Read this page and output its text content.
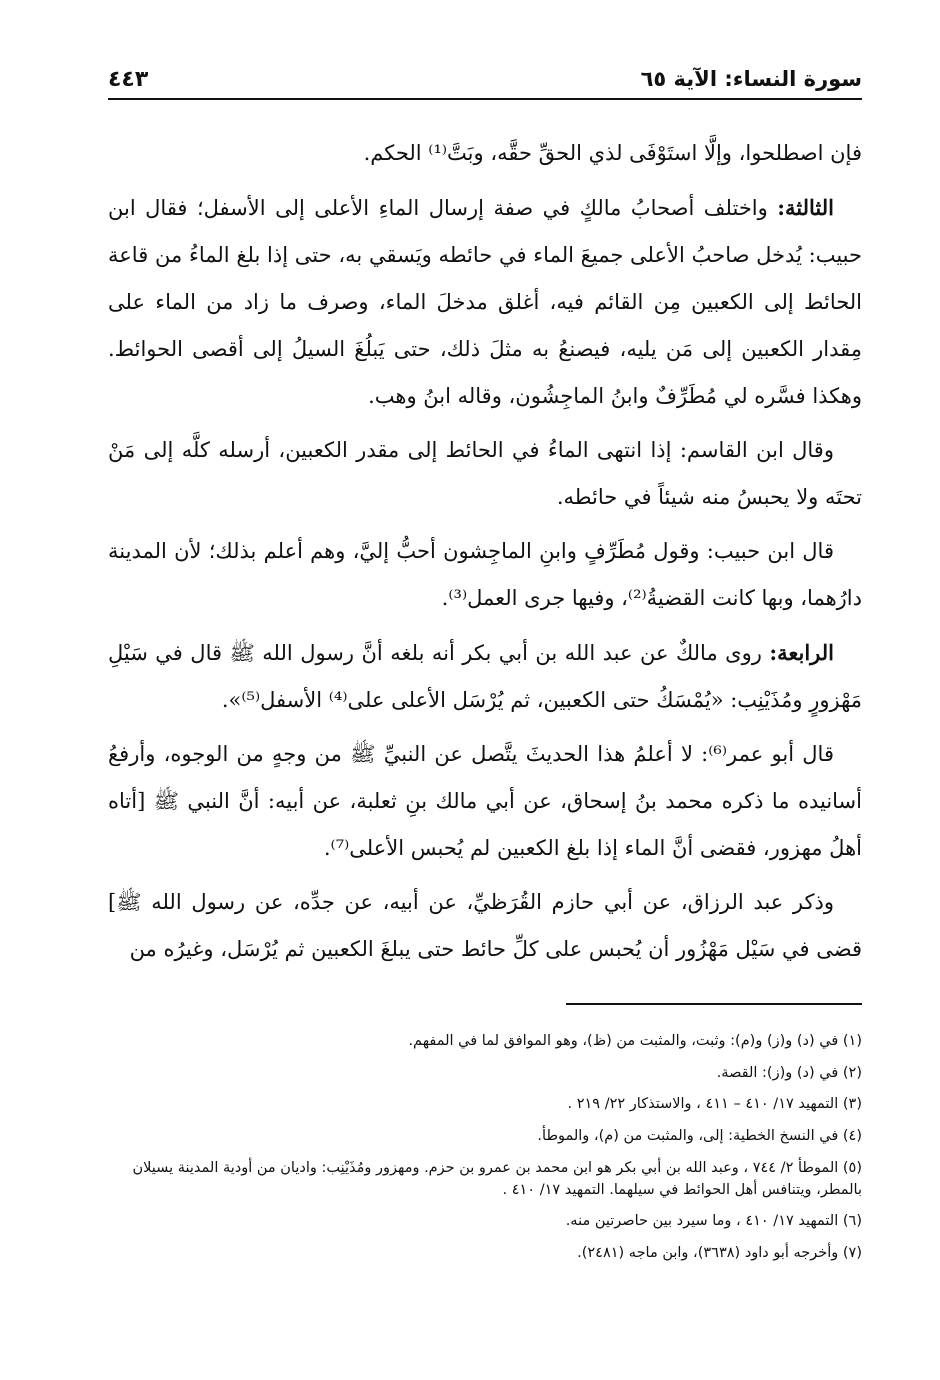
سورة النساء: الآية ٦٥
٤٤٣

فإن اصطلحوا، وإلَّا استَوْفَى لذي الحقِّ حقَّه، وبَتَّ⁽¹⁾ الحكم.

الثالثة: واختلف أصحابُ مالكٍ في صفة إرسال الماءِ الأعلى إلى الأسفل؛ فقال ابن حبيب: يُدخل صاحبُ الأعلى جميعَ الماء في حائطه ويَسقي به، حتى إذا بلغ الماءُ من قاعة الحائط إلى الكعبين مِن القائم فيه، أغلق مدخلَ الماء، وصرف ما زاد من الماء على مِقدار الكعبين إلى مَن يليه، فيصنعُ به مثلَ ذلك، حتى يَبلُغَ السيلُ إلى أقصى الحوائط. وهكذا فسَّره لي مُطَرِّفٌ وابنُ الماجِشُون، وقاله ابنُ وهب.

وقال ابن القاسم: إذا انتهى الماءُ في الحائط إلى مقدر الكعبين، أرسله كلَّه إلى مَنْ تحتَه ولا يحبسُ منه شيئاً في حائطه.

قال ابن حبيب: وقول مُطَرِّفٍ وابنِ الماجِشون أحبُّ إليَّ، وهم أعلم بذلك؛ لأن المدينة دارُهما، وبها كانت القضيةُ⁽²⁾، وفيها جرى العمل⁽³⁾.

الرابعة: روى مالكٌ عن عبد الله بن أبي بكر أنه بلغه أنَّ رسول الله ﷺ قال في سَيْلِ مَهْزورٍ ومُذَيْنِب: «يُمْسَكُ حتى الكعبين، ثم يُرْسَل الأعلى على⁽⁴⁾ الأسفل⁽⁵⁾».

قال أبو عمر⁽⁶⁾: لا أعلمُ هذا الحديثَ يتَّصل عن النبيِّ ﷺ من وجهٍ من الوجوه، وأرفعُ أسانيده ما ذكره محمد بنُ إسحاق، عن أبي مالك بنِ ثعلبة، عن أبيه: أنَّ النبي ﷺ [أتاه أهلُ مهزور، فقضى أنَّ الماء إذا بلغ الكعبين لم يُحبس الأعلى⁽⁷⁾.

وذكر عبد الرزاق، عن أبي حازم القُرَظيِّ، عن أبيه، عن جدِّه، عن رسول الله ﷺ] قضى في سَيْل مَهْزُور أن يُحبس على كلِّ حائط حتى يبلغَ الكعبين ثم يُرْسَل، وغيرُه من

(١) في (د) و(ز) و(م): وثبت، والمثبت من (ظ)، وهو الموافق لما في المفهم.

(٢) في (د) و(ز): القصة.

(٣) التمهيد ١٧/ ٤١٠ – ٤١١ ، والاستذكار ٢٢/ ٢١٩ .

(٤) في النسخ الخطية: إلى، والمثبت من (م)، والموطأ.

(٥) الموطأ ٢/ ٧٤٤ ، وعبد الله بن أبي بكر هو ابن محمد بن عمرو بن حزم. ومهزور ومُذَيْنِب: واديان من أودية المدينة يسيلان بالمطر، ويتنافس أهل الحوائط في سيلهما. التمهيد ١٧/ ٤١٠ .

(٦) التمهيد ١٧/ ٤١٠ ، وما سيرد بين حاصرتين منه.

(٧) وأخرجه أبو داود (٣٦٣٨)، وابن ماجه (٢٤٨١).
